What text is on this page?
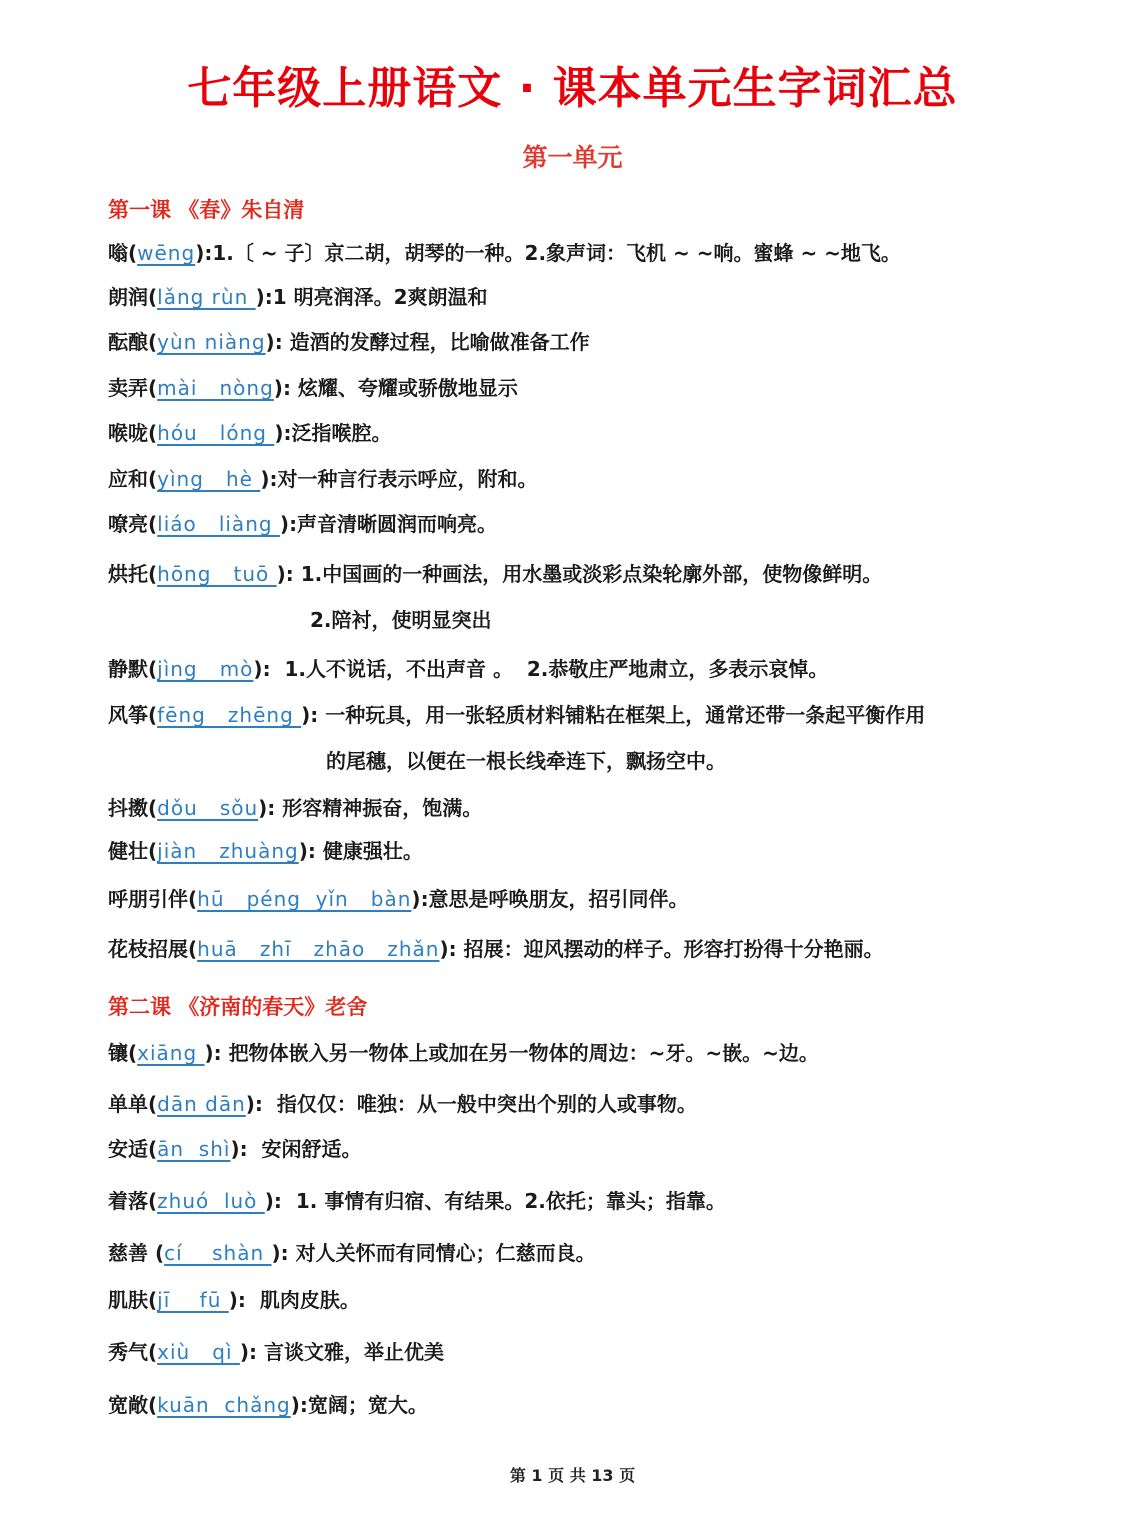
七年级上册语文 · 课本单元生字词汇总
第一单元
第一课 《春》朱自清
嗡(wēng):1.〔 ~ 子〕京二胡，胡琴的一种。2.象声词：飞机 ~ ~响。蜜蜂 ~ ~地飞。
朗润(lǎng rùn ):1 明亮润泽。2爽朗温和
酝酿(yùn niàng): 造酒的发酵过程，比喻做准备工作
卖弄(mài   nòng): 炫耀、夸耀或骄傲地显示
喉咙(hóu   lóng ):泛指喉腔。
应和(yìng   hè ):对一种言行表示呼应，附和。
嘹亮(liáo   liàng ):声音清晰圆润而响亮。
烘托(hōng   tuō ): 1.中国画的一种画法，用水墨或淡彩点染轮廓外部，使物像鲜明。
2.陪衬，使明显突出
静默(jìng   mò):  1.人不说话，不出声音 。  2.恭敬庄严地肃立，多表示哀悼。
风筝(fēng   zhēng ): 一种玩具，用一张轻质材料铺粘在框架上，通常还带一条起平衡作用
的尾穗，以便在一根长线牵连下，飘扬空中。
抖擞(dǒu   sǒu): 形容精神振奋，饱满。
健壮(jiàn   zhuàng): 健康强壮。
呼朋引伴(hū   péng  yǐn   bàn):意思是呼唤朋友，招引同伴。
花枝招展(huā   zhī   zhāo   zhǎn): 招展：迎风摆动的样子。形容打扮得十分艳丽。
第二课 《济南的春天》老舍
镶(xiāng ): 把物体嵌入另一物体上或加在另一物体的周边：~牙。~嵌。~边。
单单(dān dān):  指仅仅：唯独：从一般中突出个别的人或事物。
安适(ān  shì):  安闲舒适。
着落(zhuó  luò ):  1. 事情有归宿、有结果。2.依托；靠头；指靠。
慈善 (cí    shàn ): 对人关怀而有同情心；仁慈而良。
肌肤(jī    fū ):  肌肉皮肤。
秀气(xiù   qì ): 言谈文雅，举止优美
宽敞(kuān  chǎng):宽阔；宽大。
第 1 页 共 13 页
